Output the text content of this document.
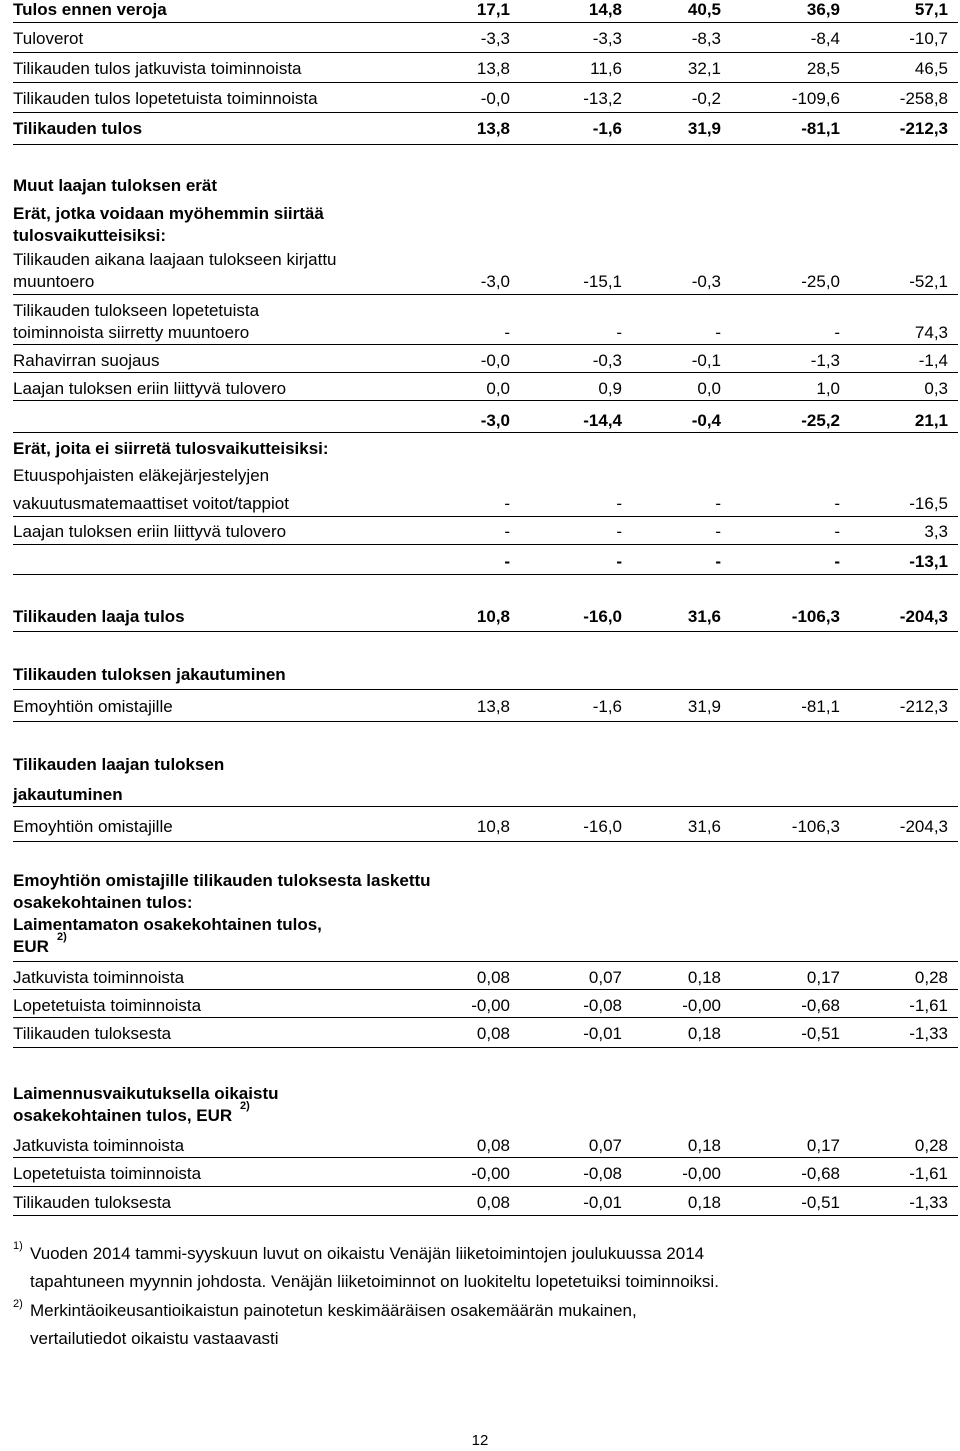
Tulos ennen veroja	17,1	14,8	40,5	36,9	57,1
Tuloverot	-3,3	-3,3	-8,3	-8,4	-10,7
Tilikauden tulos jatkuvista toiminnoista	13,8	11,6	32,1	28,5	46,5
Tilikauden tulos lopetetuista toiminnoista	-0,0	-13,2	-0,2	-109,6	-258,8
Tilikauden tulos	13,8	-1,6	31,9	-81,1	-212,3
Muut laajan tuloksen erät
Erät, jotka voidaan myöhemmin siirtää
tulosvaikutteisiksi:
Tilikauden aikana laajaan tulokseen kirjattu
muuntoero	-3,0	-15,1	-0,3	-25,0	-52,1
Tilikauden tulokseen lopetetuista
toiminnoista siirretty muuntoero	-	-	-	-	74,3
Rahavirran suojaus	-0,0	-0,3	-0,1	-1,3	-1,4
Laajan tuloksen eriin liittyvä tulovero	0,0	0,9	0,0	1,0	0,3
-3,0	-14,4	-0,4	-25,2	21,1
Erät, joita ei siirretä tulosvaikutteisiksi:
Etuuspohjaisten eläkejärjestelyjen
vakuutusmatemaattiset voitot/tappiot	-	-	-	-	-16,5
Laajan tuloksen eriin liittyvä tulovero	-	-	-	-	3,3
-	-	-	-	-13,1
Tilikauden laaja tulos	10,8	-16,0	31,6	-106,3	-204,3
Tilikauden tuloksen jakautuminen
Emoyhtiön omistajille	13,8	-1,6	31,9	-81,1	-212,3
Tilikauden laajan tuloksen
jakautuminen
Emoyhtiön omistajille	10,8	-16,0	31,6	-106,3	-204,3
Emoyhtiön omistajille tilikauden tuloksesta laskettu
osakekohtainen tulos:
Laimentamaton osakekohtainen tulos,
EUR 2)
Jatkuvista toiminnoista	0,08	0,07	0,18	0,17	0,28
Lopetetuista toiminnoista	-0,00	-0,08	-0,00	-0,68	-1,61
Tilikauden tuloksesta	0,08	-0,01	0,18	-0,51	-1,33
Laimennusvaikutuksella oikaistu
osakekohtainen tulos, EUR 2)
Jatkuvista toiminnoista	0,08	0,07	0,18	0,17	0,28
Lopetetuista toiminnoista	-0,00	-0,08	-0,00	-0,68	-1,61
Tilikauden tuloksesta	0,08	-0,01	0,18	-0,51	-1,33
$^{1)}$ Vuoden 2014 tammi-syyskuun luvut on oikaistu Venäjän liiketoimintojen joulukuussa 2014
tapahtuneen myynnin johdosta. Venäjän liiketoiminnot on luokiteltu lopetetuiksi toiminnoiksi.
$^{2)}$ Merkintäoikeusantioikaistun painotetun keskimääräisen osakemäärän mukainen,
vertailutiedot oikaistu vastaavasti
12
